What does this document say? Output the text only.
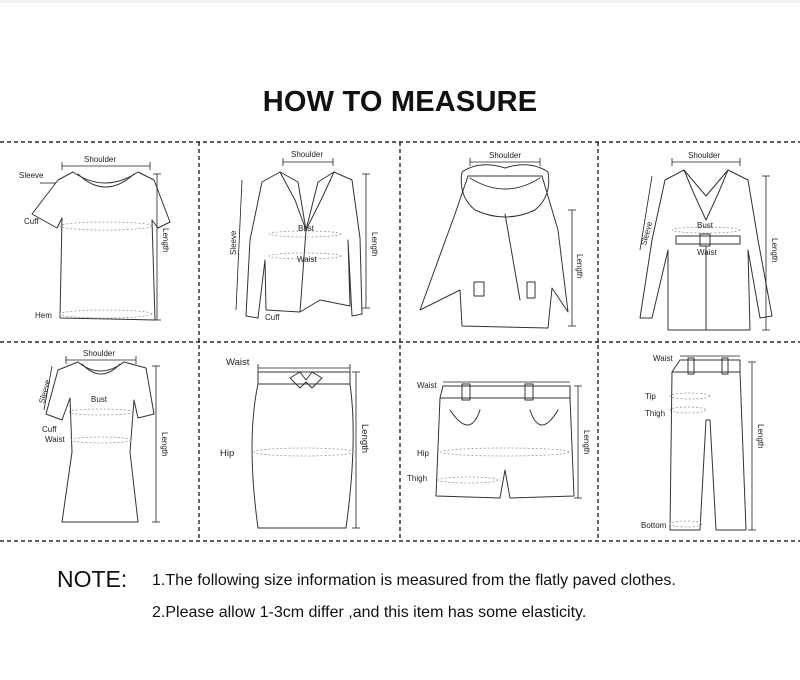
HOW TO MEASURE
Shoulder
Sleeve
Cuff
Hem
Length
Shoulder
Sleeve
Bust
Waist
Cuff
Length
Shoulder
Length
Shoulder
Sleeve	Bust
Waist	Length
Shoulder
Sleeve	Bust
Cuff
Waist	Length
Waist
Hip
Length
Waist
Hip
Thigh
Length
Waist
Tip
Thigh
Bottom
Length
NOTE: 1.The following size information is measured from the flatly paved clothes.
2.Please allow 1-3cm differ ,and this item has some elasticity.
